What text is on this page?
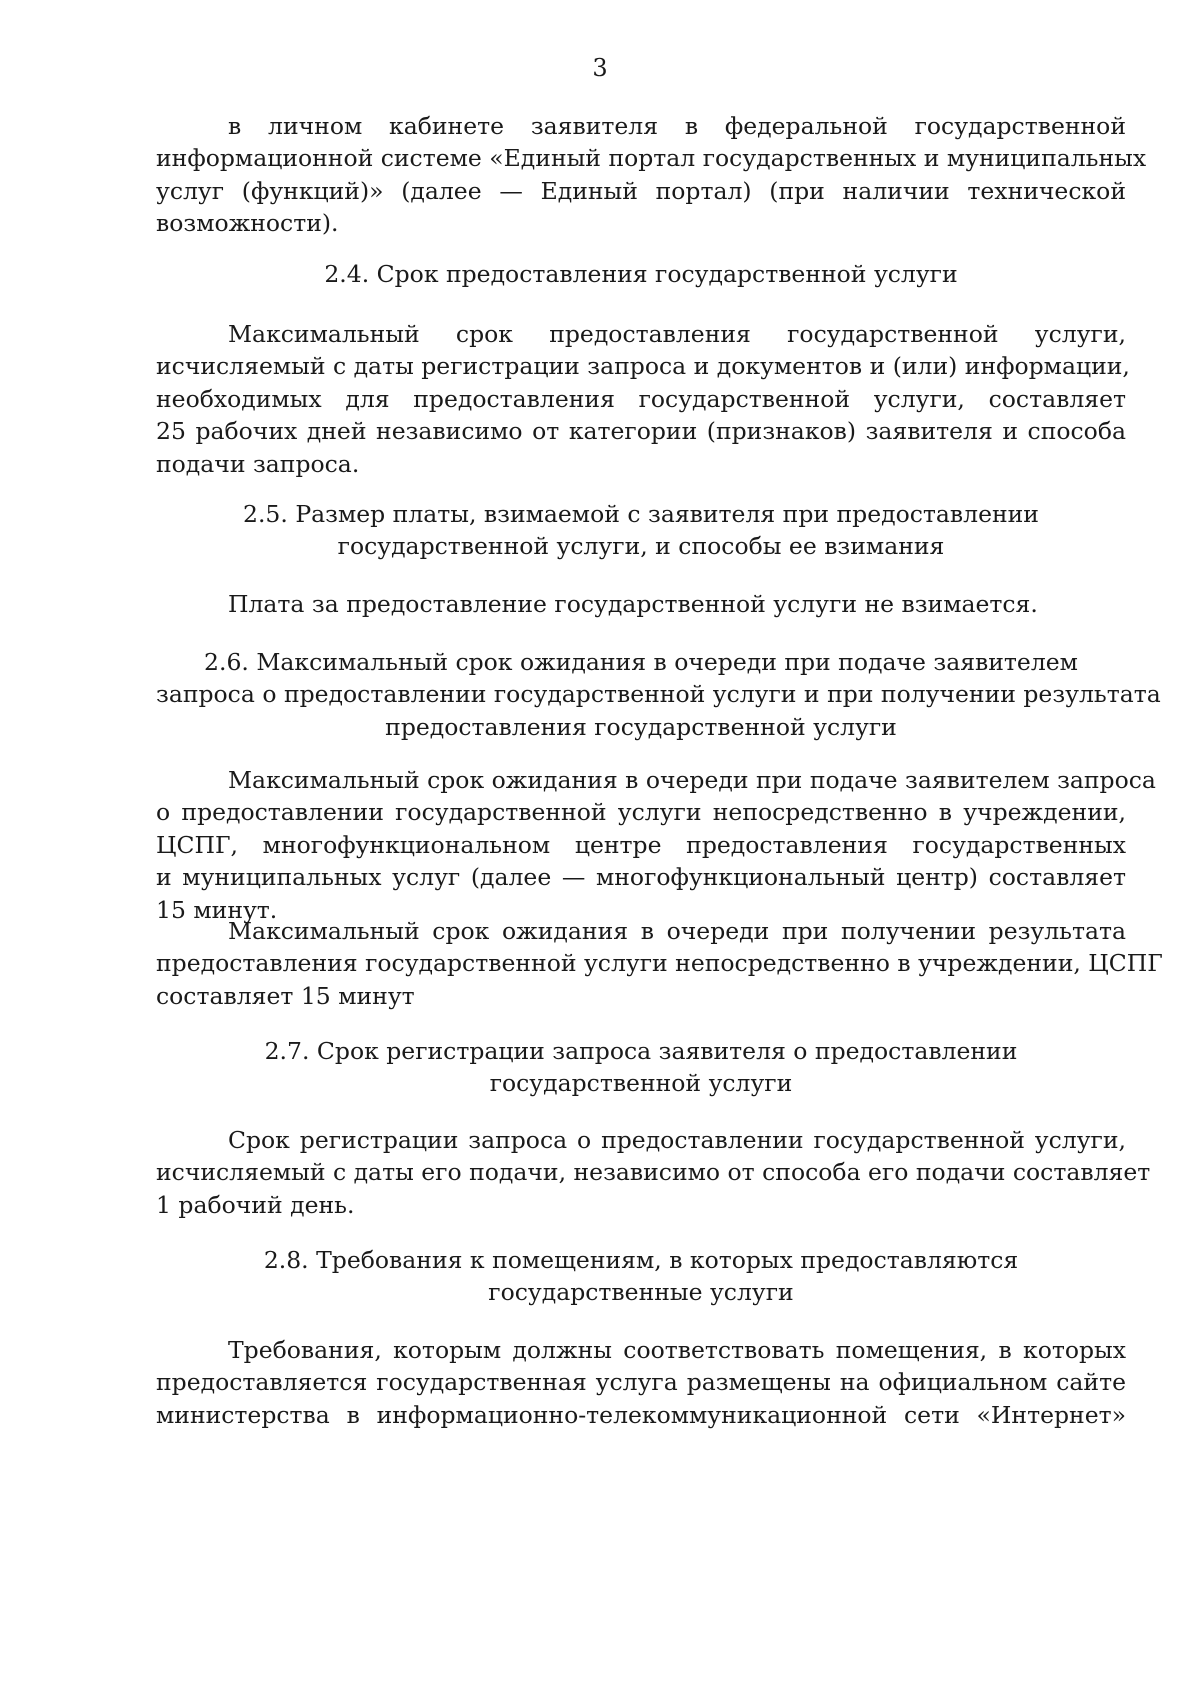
3
в личном кабинете заявителя в федеральной государственной
информационной системе «Единый портал государственных и муниципальных
услуг (функций)» (далее — Единый портал) (при наличии технической
возможности).
2.4. Срок предоставления государственной услуги
Максимальный срок предоставления государственной услуги,
исчисляемый с даты регистрации запроса и документов и (или) информации,
необходимых для предоставления государственной услуги, составляет
25 рабочих дней независимо от категории (признаков) заявителя и способа
подачи запроса.
2.5. Размер платы, взимаемой с заявителя при предоставлении
государственной услуги, и способы ее взимания
Плата за предоставление государственной услуги не взимается.
2.6. Максимальный срок ожидания в очереди при подаче заявителем
запроса о предоставлении государственной услуги и при получении результата
предоставления государственной услуги
Максимальный срок ожидания в очереди при подаче заявителем запроса
о предоставлении государственной услуги непосредственно в учреждении,
ЦСПГ, многофункциональном центре предоставления государственных
и муниципальных услуг (далее — многофункциональный центр) составляет
15 минут.
Максимальный срок ожидания в очереди при получении результата
предоставления государственной услуги непосредственно в учреждении, ЦСПГ
составляет 15 минут
2.7. Срок регистрации запроса заявителя о предоставлении
государственной услуги
Срок регистрации запроса о предоставлении государственной услуги,
исчисляемый с даты его подачи, независимо от способа его подачи составляет
1 рабочий день.
2.8. Требования к помещениям, в которых предоставляются
государственные услуги
Требования, которым должны соответствовать помещения, в которых
предоставляется государственная услуга размещены на официальном сайте
министерства в информационно-телекоммуникационной сети «Интернет»
